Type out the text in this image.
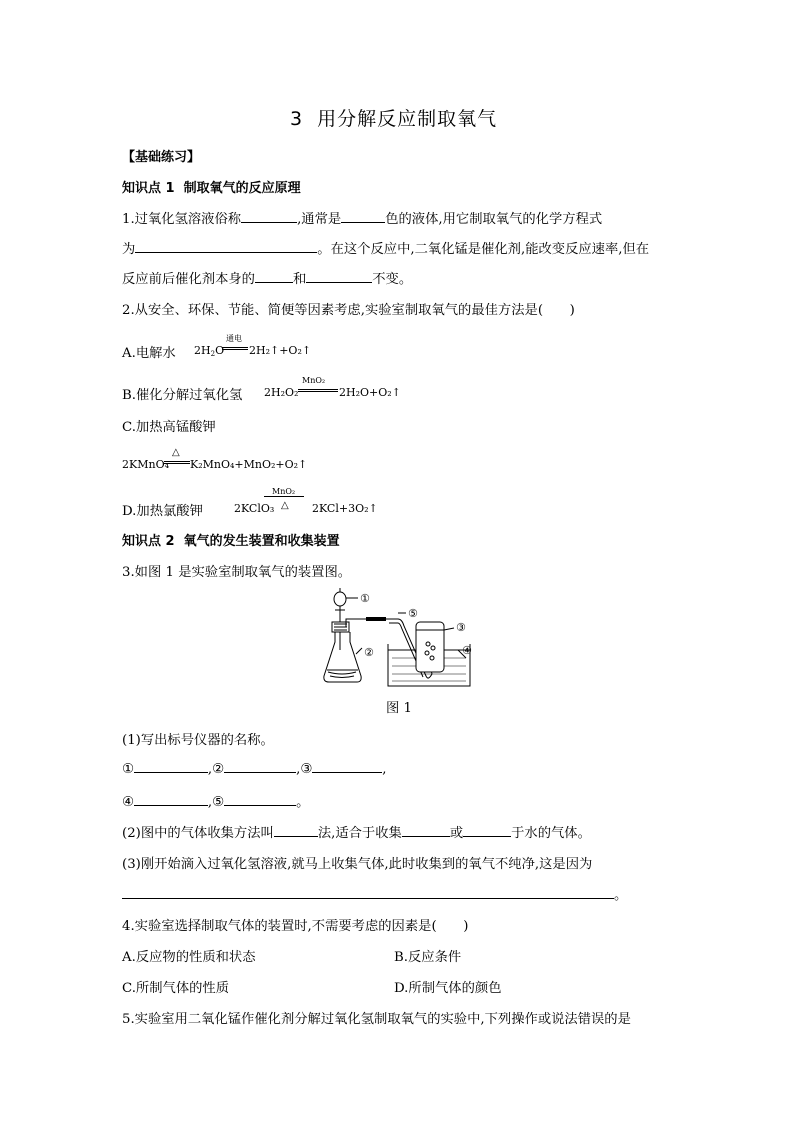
3 用分解反应制取氧气
【基础练习】
知识点 1 制取氧气的反应原理
1.过氧化氢溶液俗称	,通常是	色的液体,用它制取氧气的化学方程式
为	。在这个反应中,二氧化锰是催化剂,能改变反应速率,但在
反应前后催化剂本身的	和	不变。
2.从安全、环保、节能、简便等因素考虑,实验室制取氧气的最佳方法是(　　)
A.电解水 $2H_2O$
通电
2H₂↑+O₂↑
B.催化分解过氧化氢 2H₂O₂
MnO₂
2H₂O+O₂↑
C.加热高锰酸钾
2KMnO₄
△
K₂MnO₄+MnO₂+O₂↑
D.加热氯酸钾	2KClO₃
MnO₂
△ 2KCl+3O₂↑
知识点 2 氧气的发生装置和收集装置
3.如图 1 是实验室制取氧气的装置图。
①
②
⑤
③
④
图 1
(1)写出标号仪器的名称。
①	,②	,③	,
④	,⑤	。
(2)图中的气体收集方法叫	法,适合于收集	或	于水的气体。
(3)刚开始滴入过氧化氢溶液,就马上收集气体,此时收集到的氧气不纯净,这是因为
。
4.实验室选择制取气体的装置时,不需要考虑的因素是(　　)
A.反应物的性质和状态	B.反应条件
C.所制气体的性质	D.所制气体的颜色
5.实验室用二氧化锰作催化剂分解过氧化氢制取氧气的实验中,下列操作或说法错误的是
